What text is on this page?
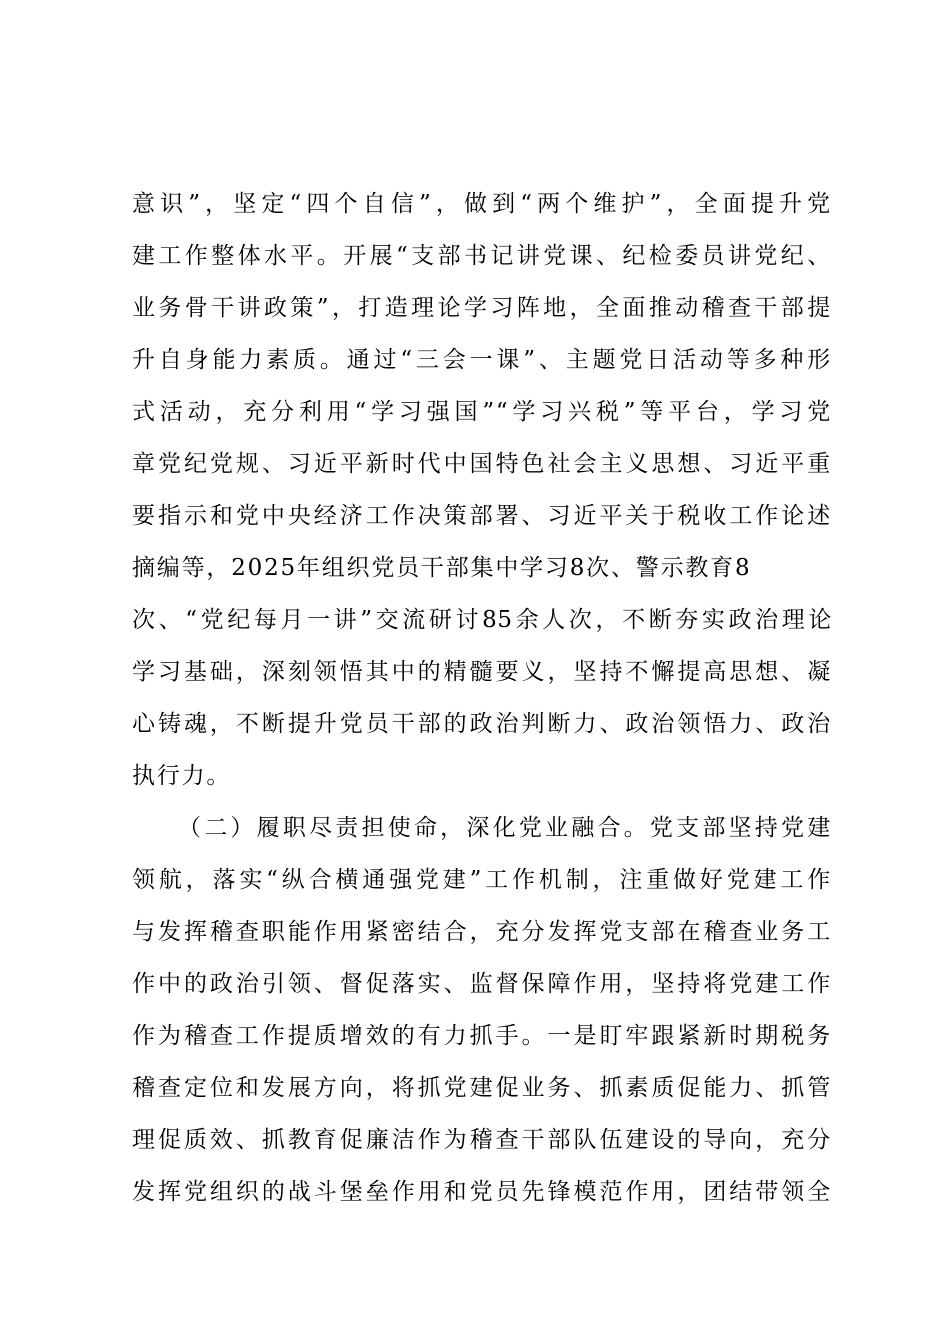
意识”，坚定“四个自信”，做到“两个维护”，全面提升党
建工作整体水平。开展“支部书记讲党课、纪检委员讲党纪、
业务骨干讲政策”，打造理论学习阵地，全面推动稽查干部提
升自身能力素质。通过“三会一课”、主题党日活动等多种形
式活动，充分利用“学习强国”“学习兴税”等平台，学习党
章党纪党规、习近平新时代中国特色社会主义思想、习近平重
要指示和党中央经济工作决策部署、习近平关于税收工作论述
摘编等，2025年组织党员干部集中学习8次、警示教育8
次、“党纪每月一讲”交流研讨85余人次，不断夯实政治理论
学习基础，深刻领悟其中的精髓要义，坚持不懈提高思想、凝
心铸魂，不断提升党员干部的政治判断力、政治领悟力、政治
执行力。
（二）履职尽责担使命，深化党业融合。党支部坚持党建
领航，落实“纵合横通强党建”工作机制，注重做好党建工作
与发挥稽查职能作用紧密结合，充分发挥党支部在稽查业务工
作中的政治引领、督促落实、监督保障作用，坚持将党建工作
作为稽查工作提质增效的有力抓手。一是盯牢跟紧新时期税务
稽查定位和发展方向，将抓党建促业务、抓素质促能力、抓管
理促质效、抓教育促廉洁作为稽查干部队伍建设的导向，充分
发挥党组织的战斗堡垒作用和党员先锋模范作用，团结带领全
